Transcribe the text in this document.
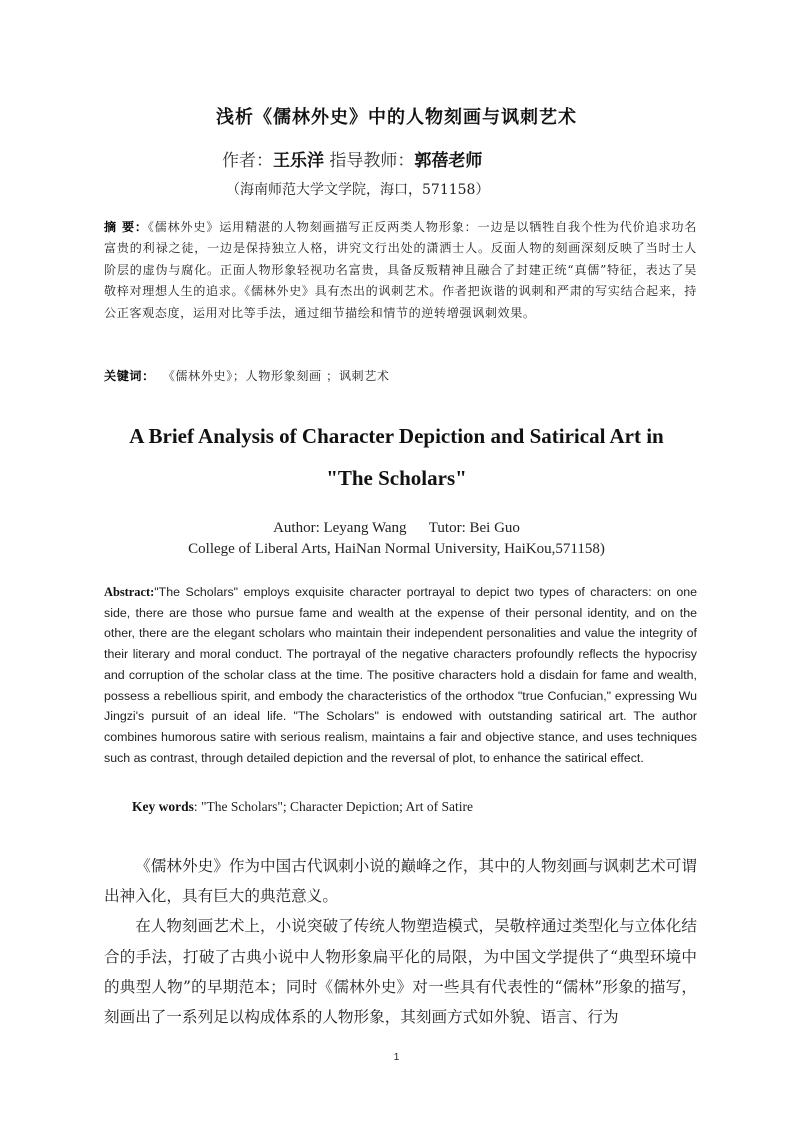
浅析《儒林外史》中的人物刻画与讽刺艺术
作者：王乐洋 指导教师：郭蓓老师
（海南师范大学文学院，海口，571158）
摘 要：《儒林外史》运用精湛的人物刻画描写正反两类人物形象：一边是以牺牲自我个性为代价追求功名富贵的利禄之徒，一边是保持独立人格，讲究文行出处的潇洒士人。反面人物的刻画深刻反映了当时士人阶层的虚伪与腐化。正面人物形象轻视功名富贵，具备反叛精神且融合了封建正统“真儒”特征，表达了吴敬梓对理想人生的追求。《儒林外史》具有杰出的讽刺艺术。作者把诙谐的讽刺和严肃的写实结合起来，持公正客观态度，运用对比等手法，通过细节描绘和情节的逆转增强讽刺效果。
关键词： 《儒林外史》；人物形象刻画 ；讽刺艺术
A Brief Analysis of Character Depiction and Satirical Art in
"The Scholars"
Author: Leyang Wang      Tutor: Bei Guo
College of Liberal Arts, HaiNan Normal University, HaiKou,571158)
Abstract:"The Scholars" employs exquisite character portrayal to depict two types of characters: on one side, there are those who pursue fame and wealth at the expense of their personal identity, and on the other, there are the elegant scholars who maintain their independent personalities and value the integrity of their literary and moral conduct. The portrayal of the negative characters profoundly reflects the hypocrisy and corruption of the scholar class at the time. The positive characters hold a disdain for fame and wealth, possess a rebellious spirit, and embody the characteristics of the orthodox "true Confucian," expressing Wu Jingzi's pursuit of an ideal life. "The Scholars" is endowed with outstanding satirical art. The author combines humorous satire with serious realism, maintains a fair and objective stance, and uses techniques such as contrast, through detailed depiction and the reversal of plot, to enhance the satirical effect.
Key words: "The Scholars"; Character Depiction; Art of Satire

《儒林外史》作为中国古代讽刺小说的巅峰之作，其中的人物刻画与讽刺艺术可谓出神入化，具有巨大的典范意义。

在人物刻画艺术上，小说突破了传统人物塑造模式，吴敬梓通过类型化与立体化结合的手法，打破了古典小说中人物形象扁平化的局限，为中国文学提供了“典型环境中的典型人物”的早期范本；同时《儒林外史》对一些具有代表性的“儒林”形象的描写，刻画出了一系列足以构成体系的人物形象，其刻画方式如外貌、语言、行为

1
